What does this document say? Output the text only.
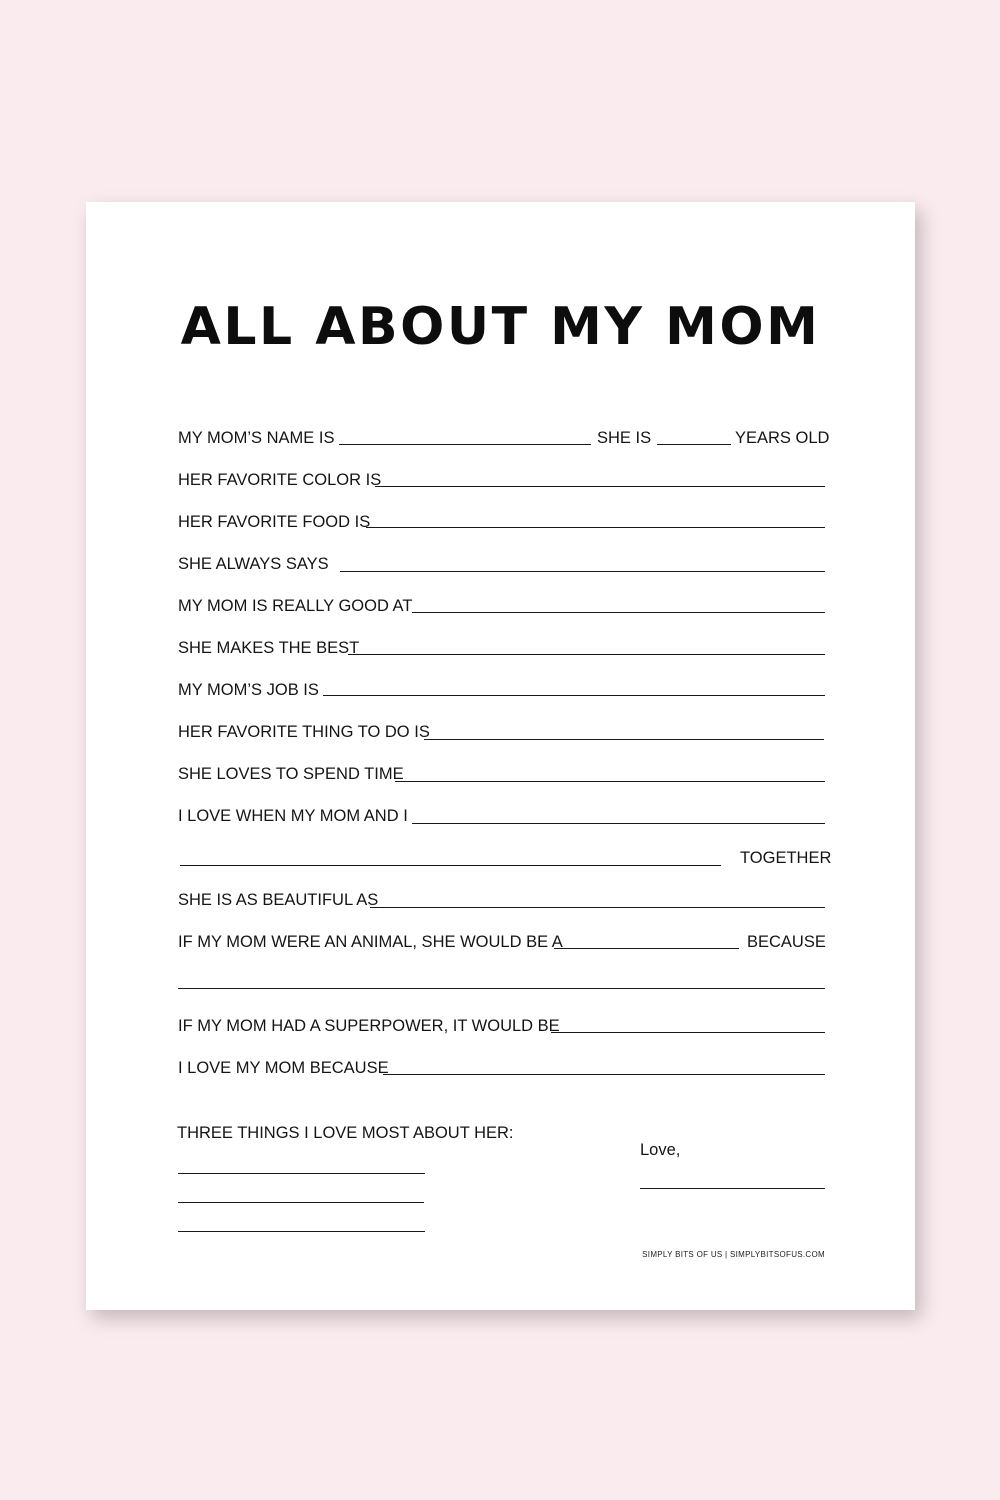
ALL ABOUT MY MOM
MY MOM’S NAME IS	SHE IS	YEARS OLD
HER FAVORITE COLOR IS
HER FAVORITE FOOD IS
SHE ALWAYS SAYS
MY MOM IS REALLY GOOD AT
SHE MAKES THE BEST
MY MOM’S JOB IS
HER FAVORITE THING TO DO IS
SHE LOVES TO SPEND TIME
I LOVE WHEN MY MOM AND I
TOGETHER
SHE IS AS BEAUTIFUL AS
IF MY MOM WERE AN ANIMAL, SHE WOULD BE A	BECAUSE
IF MY MOM HAD A SUPERPOWER, IT WOULD BE
I LOVE MY MOM BECAUSE
THREE THINGS I LOVE MOST ABOUT HER:
Love,
SIMPLY BITS OF US | SIMPLYBITSOFUS.COM
